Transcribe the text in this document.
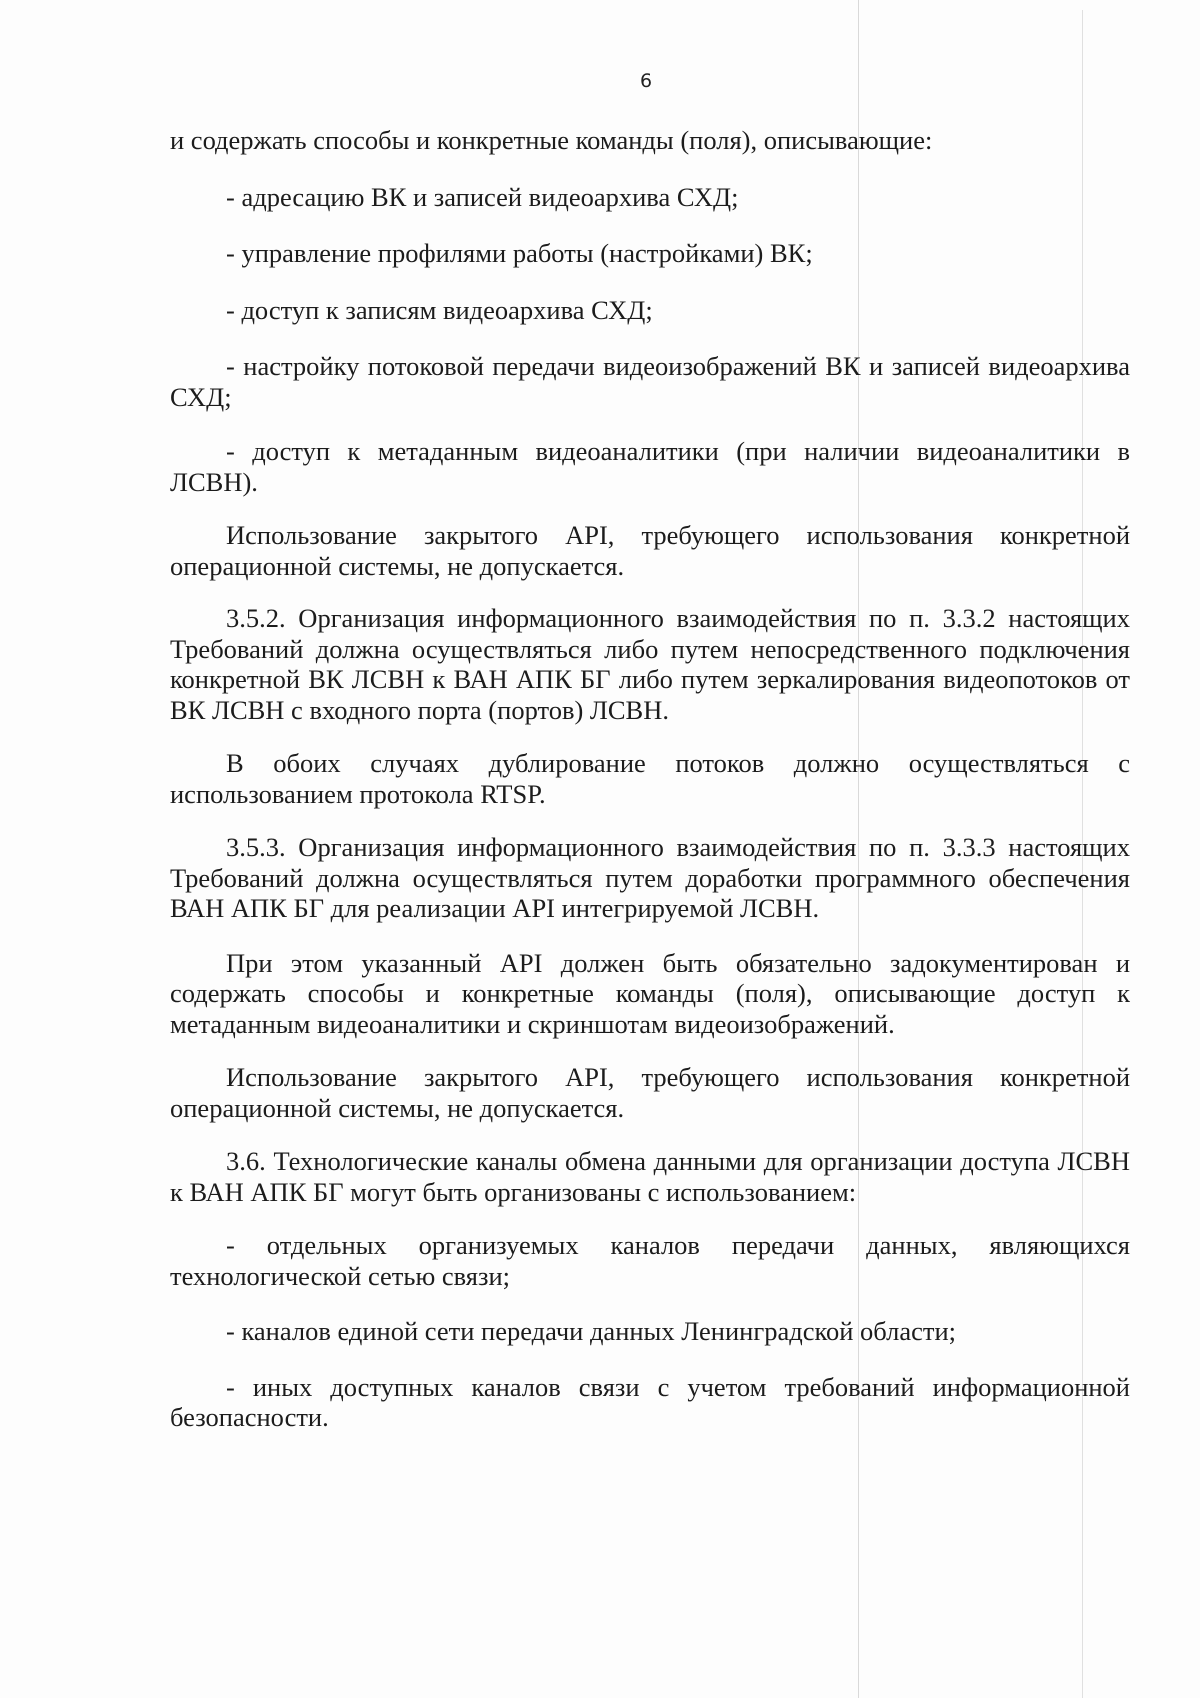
6

и содержать способы и конкретные команды (поля), описывающие:

- адресацию ВК и записей видеоархива СХД;

- управление профилями работы (настройками) ВК;

- доступ к записям видеоархива СХД;

- настройку потоковой передачи видеоизображений ВК и записей видеоархива СХД;

- доступ к метаданным видеоаналитики (при наличии видеоаналитики в ЛСВН).

Использование закрытого API, требующего использования конкретной операционной системы, не допускается.

3.5.2. Организация информационного взаимодействия по п. 3.3.2 настоящих Требований должна осуществляться либо путем непосредственного подключения конкретной ВК ЛСВН к ВАН АПК БГ либо путем зеркалирования видеопотоков от ВК ЛСВН с входного порта (портов) ЛСВН.

В обоих случаях дублирование потоков должно осуществляться с использованием протокола RTSP.

3.5.3. Организация информационного взаимодействия по п. 3.3.3 настоящих Требований должна осуществляться путем доработки программного обеспечения ВАН АПК БГ для реализации API интегрируемой ЛСВН.

При этом указанный API должен быть обязательно задокументирован и содержать способы и конкретные команды (поля), описывающие доступ к метаданным видеоаналитики и скриншотам видеоизображений.

Использование закрытого API, требующего использования конкретной операционной системы, не допускается.

3.6. Технологические каналы обмена данными для организации доступа ЛСВН к ВАН АПК БГ могут быть организованы с использованием:

- отдельных организуемых каналов передачи данных, являющихся технологической сетью связи;

- каналов единой сети передачи данных Ленинградской области;

- иных доступных каналов связи с учетом требований информационной безопасности.
